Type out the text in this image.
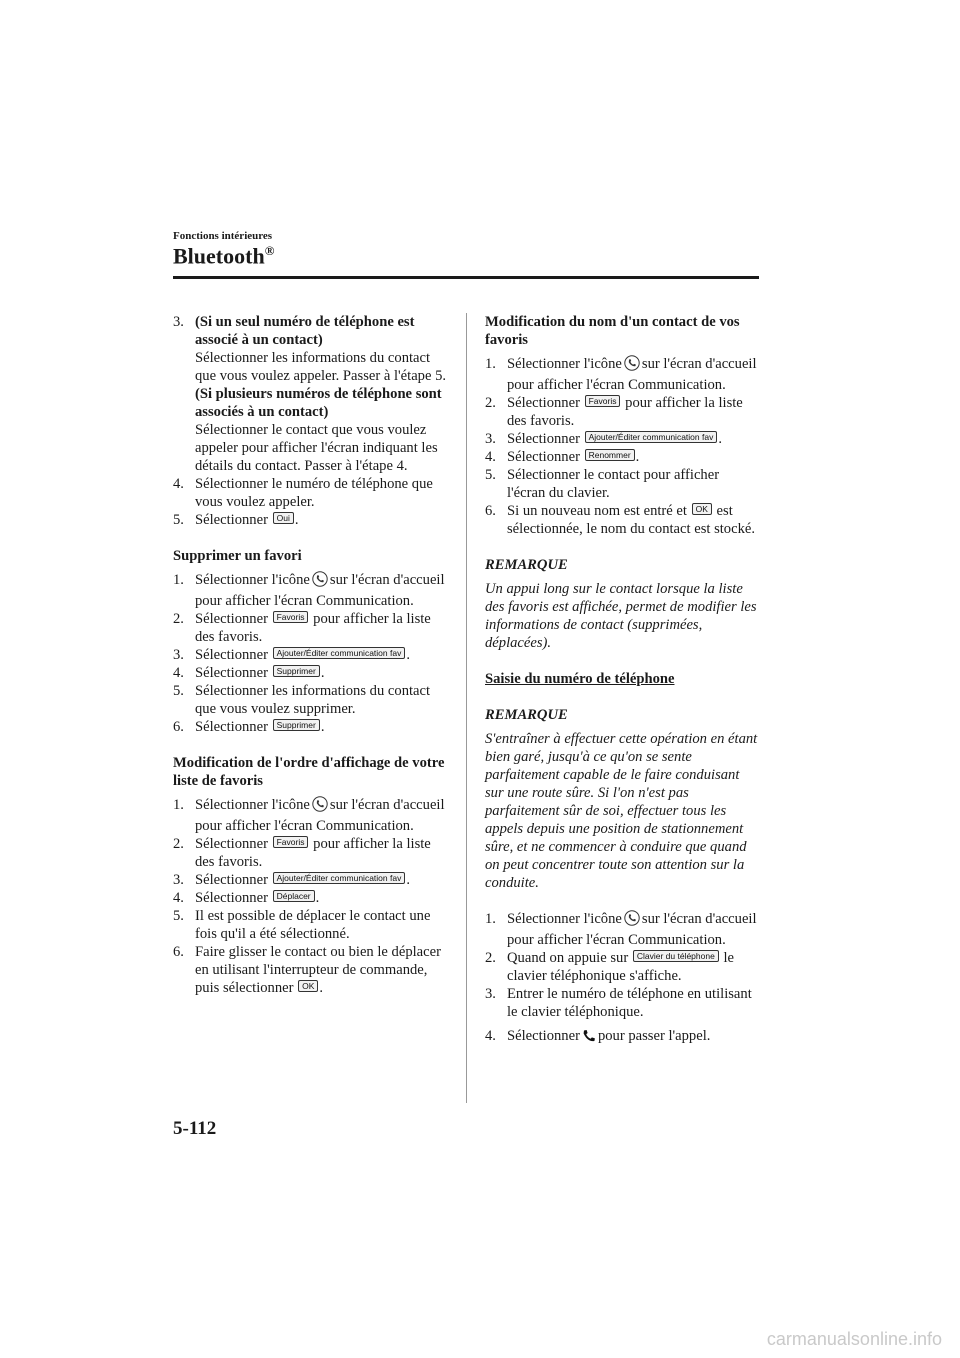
Fonctions intérieures
Bluetooth®
3. (Si un seul numéro de téléphone est associé à un contact)
Sélectionner les informations du contact que vous voulez appeler. Passer à l'étape 5.
(Si plusieurs numéros de téléphone sont associés à un contact)
Sélectionner le contact que vous voulez appeler pour afficher l'écran indiquant les détails du contact. Passer à l'étape 4.
4. Sélectionner le numéro de téléphone que vous voulez appeler.
5. Sélectionner Oui .
Supprimer un favori
1. Sélectionner l'icône sur l'écran d'accueil pour afficher l'écran Communication.
2. Sélectionner Favoris pour afficher la liste des favoris.
3. Sélectionner Ajouter/Éditer communication fav .
4. Sélectionner Supprimer .
5. Sélectionner les informations du contact que vous voulez supprimer.
6. Sélectionner Supprimer .
Modification de l'ordre d'affichage de votre liste de favoris
1. Sélectionner l'icône sur l'écran d'accueil pour afficher l'écran Communication.
2. Sélectionner Favoris pour afficher la liste des favoris.
3. Sélectionner Ajouter/Éditer communication fav .
4. Sélectionner Déplacer .
5. Il est possible de déplacer le contact une fois qu'il a été sélectionné.
6. Faire glisser le contact ou bien le déplacer en utilisant l'interrupteur de commande, puis sélectionner OK .
Modification du nom d'un contact de vos favoris
1. Sélectionner l'icône sur l'écran d'accueil pour afficher l'écran Communication.
2. Sélectionner Favoris pour afficher la liste des favoris.
3. Sélectionner Ajouter/Éditer communication fav .
4. Sélectionner Renommer .
5. Sélectionner le contact pour afficher l'écran du clavier.
6. Si un nouveau nom est entré et OK est sélectionnée, le nom du contact est stocké.
REMARQUE
Un appui long sur le contact lorsque la liste des favoris est affichée, permet de modifier les informations de contact (supprimées, déplacées).
Saisie du numéro de téléphone
REMARQUE
S'entraîner à effectuer cette opération en étant bien garé, jusqu'à ce qu'on se sente parfaitement capable de le faire conduisant sur une route sûre. Si l'on n'est pas parfaitement sûr de soi, effectuer tous les appels depuis une position de stationnement sûre, et ne commencer à conduire que quand on peut concentrer toute son attention sur la conduite.
1. Sélectionner l'icône sur l'écran d'accueil pour afficher l'écran Communication.
2. Quand on appuie sur Clavier du téléphone le clavier téléphonique s'affiche.
3. Entrer le numéro de téléphone en utilisant le clavier téléphonique.
4. Sélectionner pour passer l'appel.
5-112
carmanualsonline.info
